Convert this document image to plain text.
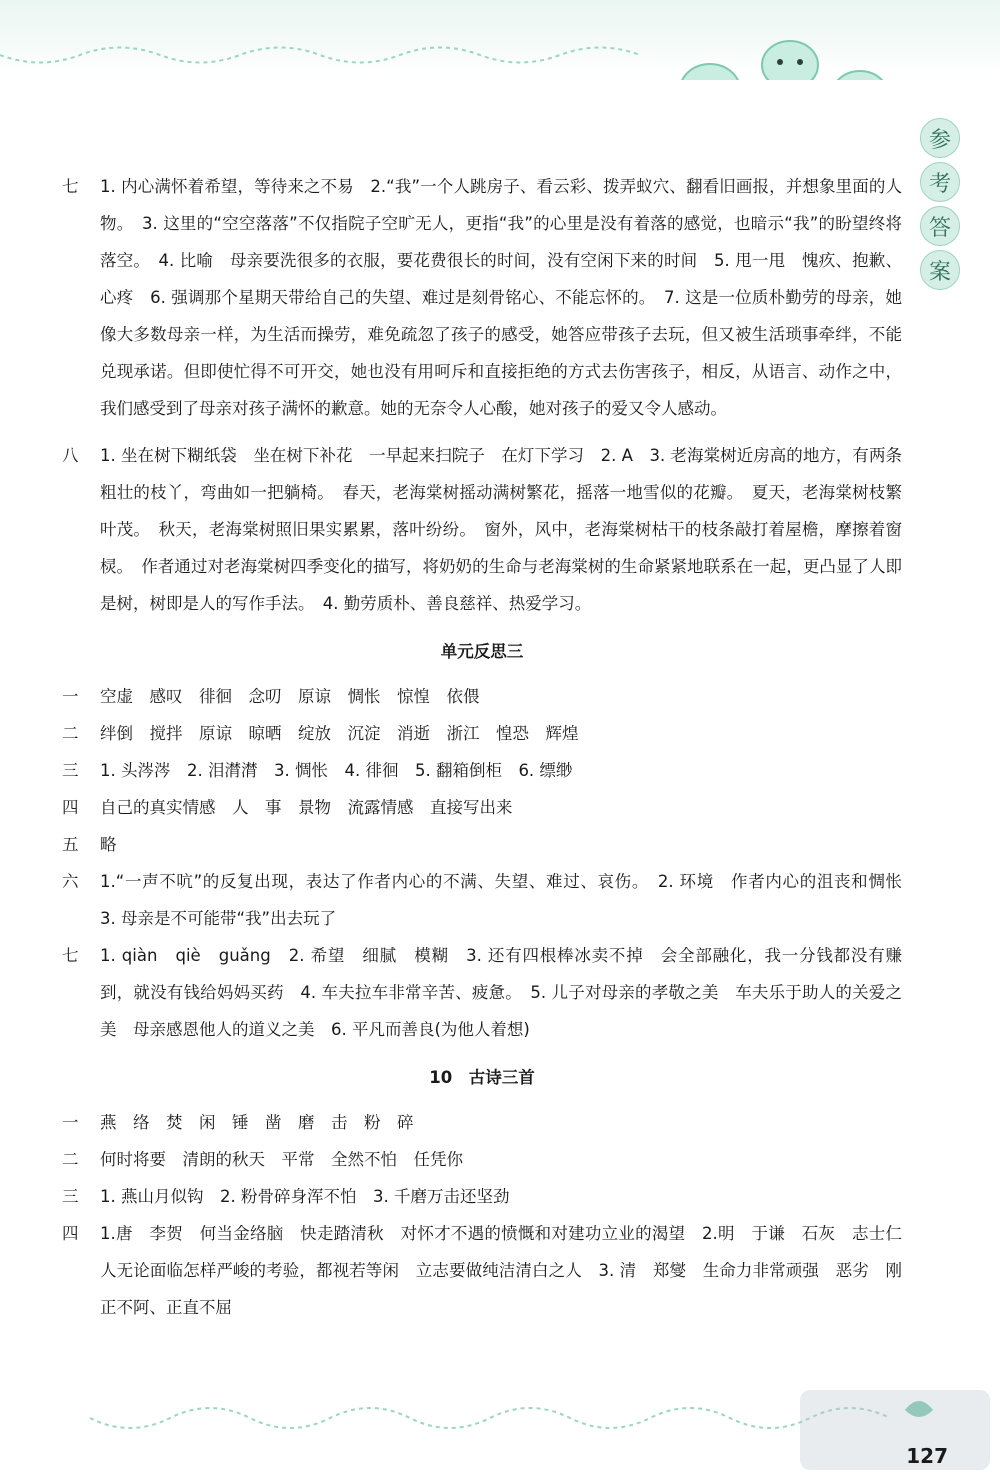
参
考
答
案
七	1. 内心满怀着希望，等待来之不易　2.“我”一个人跳房子、看云彩、拨弄蚁穴、翻看旧画报，并想象里面的人物。　3. 这里的“空空落落”不仅指院子空旷无人，更指“我”的心里是没有着落的感觉，也暗示“我”的盼望终将落空。　4. 比喻　母亲要洗很多的衣服，要花费很长的时间，没有空闲下来的时间　5. 甩一甩　愧疚、抱歉、心疼　6. 强调那个星期天带给自己的失望、难过是刻骨铭心、不能忘怀的。　7. 这是一位质朴勤劳的母亲，她像大多数母亲一样，为生活而操劳，难免疏忽了孩子的感受，她答应带孩子去玩，但又被生活琐事牵绊，不能兑现承诺。但即使忙得不可开交，她也没有用呵斥和直接拒绝的方式去伤害孩子，相反，从语言、动作之中，我们感受到了母亲对孩子满怀的歉意。她的无奈令人心酸，她对孩子的爱又令人感动。
八	1. 坐在树下糊纸袋　坐在树下补花　一早起来扫院子　在灯下学习　2. A　3. 老海棠树近房高的地方，有两条粗壮的枝丫，弯曲如一把躺椅。　春天，老海棠树摇动满树繁花，摇落一地雪似的花瓣。　夏天，老海棠树枝繁叶茂。　秋天，老海棠树照旧果实累累，落叶纷纷。　窗外，风中，老海棠树枯干的枝条敲打着屋檐，摩擦着窗棂。　作者通过对老海棠树四季变化的描写，将奶奶的生命与老海棠树的生命紧紧地联系在一起，更凸显了人即是树，树即是人的写作手法。　4. 勤劳质朴、善良慈祥、热爱学习。
单元反思三
一	空虚　感叹　徘徊　念叨　原谅　惆怅　惊惶　依偎
二	绊倒　搅拌　原谅　晾晒　绽放　沉淀　消逝　浙江　惶恐　辉煌
三	1. 头涔涔　2. 泪潸潸　3. 惆怅　4. 徘徊　5. 翻箱倒柜　6. 缥缈
四	自己的真实情感　人　事　景物　流露情感　直接写出来
五	略
六	1.“一声不吭”的反复出现，表达了作者内心的不满、失望、难过、哀伤。　2. 环境　作者内心的沮丧和惆怅　3. 母亲是不可能带“我”出去玩了
七	1. qiàn　qiè　guǎng　2. 希望　细腻　模糊　3. 还有四根棒冰卖不掉　会全部融化，我一分钱都没有赚到，就没有钱给妈妈买药　4. 车夫拉车非常辛苦、疲惫。　5. 儿子对母亲的孝敬之美　车夫乐于助人的关爱之美　母亲感恩他人的道义之美　6. 平凡而善良(为他人着想)
10　古诗三首
一	燕　络　焚　闲　锤　凿　磨　击　粉　碎
二	何时将要　清朗的秋天　平常　全然不怕　任凭你
三	1. 燕山月似钩　2. 粉骨碎身浑不怕　3. 千磨万击还坚劲
四	1.唐　李贺　何当金络脑　快走踏清秋　对怀才不遇的愤慨和对建功立业的渴望　2.明　于谦　石灰　志士仁人无论面临怎样严峻的考验，都视若等闲　立志要做纯洁清白之人　3. 清　郑燮　生命力非常顽强　恶劣　刚正不阿、正直不屈
127
